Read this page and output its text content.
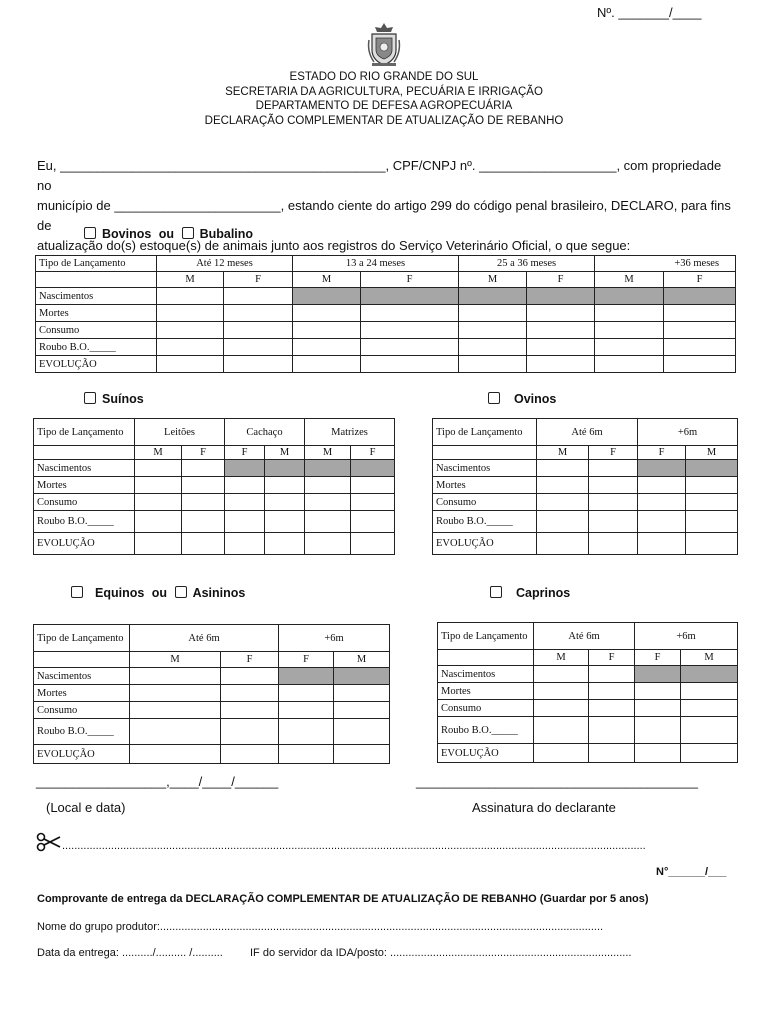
Nº. _______/____
ESTADO DO RIO GRANDE DO SUL
SECRETARIA DA AGRICULTURA, PECUÁRIA E IRRIGAÇÃO
DEPARTAMENTO DE DEFESA AGROPECUÁRIA
DECLARAÇÃO COMPLEMENTAR DE ATUALIZAÇÃO DE REBANHO
Eu, _____________________________________________, CPF/CNPJ nº. ___________________, com propriedade no
município de _______________________, estando ciente do artigo 299 do código penal brasileiro, DECLARO, para fins de
atualização do(s) estoque(s) de animais junto aos registros do Serviço Veterinário Oficial, o que segue:
Bovinos ou Bubalino
Tipo de Lançamento	Até 12 meses		13 a 24 meses		25 a 36 meses		+36 meses	
	M	F	M	F	M	F	M	F
Nascimentos								
Mortes								
Consumo								
Roubo B.O._____								
EVOLUÇÃO								
Suínos
Tipo de Lançamento	Leitões		Cachaço		Matrizes	
	M	F	F	M	M	F
Nascimentos						
Mortes						
Consumo						
Roubo B.O._____						
EVOLUÇÃO						
Ovinos
Tipo de Lançamento	Até 6m		+6m	
	M	F	F	M
Nascimentos				
Mortes				
Consumo				
Roubo B.O._____				
EVOLUÇÃO				
Equinos ou Asininos
Tipo de Lançamento	Até 6m		+6m	
	M	F	F	M
Nascimentos				
Mortes				
Consumo				
Roubo B.O._____				
EVOLUÇÃO				
Caprinos
Tipo de Lançamento	Até 6m		+6m	
	M	F	F	M
Nascimentos				
Mortes				
Consumo				
Roubo B.O._____				
EVOLUÇÃO				
__________________,____/____/______	_______________________________________
(Local e data)	Assinatura do declarante
...............................................................................................................................................................................................
N°______/___
Comprovante de entrega da DECLARAÇÃO COMPLEMENTAR DE ATUALIZAÇÃO DE REBANHO (Guardar por 5 anos)
Nome do grupo produtor:.................................................................................................................................................
Data da entrega: ........../.......... /.......... IF do servidor da IDA/posto: ...............................................................................
